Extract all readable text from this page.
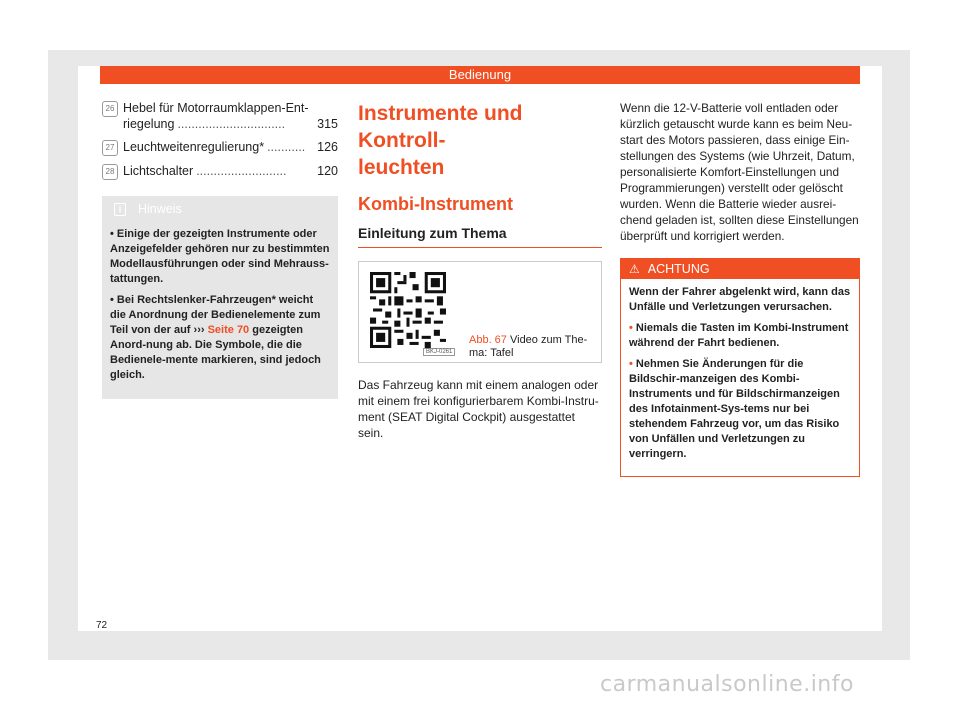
Bedienung
26 Hebel für Motorraumklappen-Ent-
riegelung ...............................	315
27 Leuchtweitenregulierung* ........... 126
28 Lichtschalter ..........................	120
i	Hinweis
• Einige der gezeigten Instrumente oder Anzeigefelder gehören nur zu bestimmten Modellausführungen oder sind Mehrauss-tattungen.
• Bei Rechtslenker-Fahrzeugen* weicht die Anordnung der Bedienelemente zum Teil von der auf ››› Seite 70 gezeigten Anord-nung ab. Die Symbole, die die Bedienele-mente markieren, sind jedoch gleich.
Instrumente und Kontroll-
leuchten
Kombi-Instrument
Einleitung zum Thema
BKJ-0261
Abb. 67 Video zum The-ma: Tafel
Das Fahrzeug kann mit einem analogen oder mit einem frei konfigurierbarem Kombi-Instru-ment (SEAT Digital Cockpit) ausgestattet sein.
Wenn die 12-V-Batterie voll entladen oder kürzlich getauscht wurde kann es beim Neu-start des Motors passieren, dass einige Ein-stellungen des Systems (wie Uhrzeit, Datum, personalisierte Komfort-Einstellungen und Programmierungen) verstellt oder gelöscht wurden. Wenn die Batterie wieder ausrei-chend geladen ist, sollten diese Einstellungen überprüft und korrigiert werden.
⚠ ACHTUNG
Wenn der Fahrer abgelenkt wird, kann das Unfälle und Verletzungen verursachen.
• Niemals die Tasten im Kombi-Instrument während der Fahrt bedienen.
• Nehmen Sie Änderungen für die Bildschir-manzeigen des Kombi-Instruments und für Bildschirmanzeigen des Infotainment-Sys-tems nur bei stehendem Fahrzeug vor, um das Risiko von Unfällen und Verletzungen zu verringern.
72
carmanualsonline.info
